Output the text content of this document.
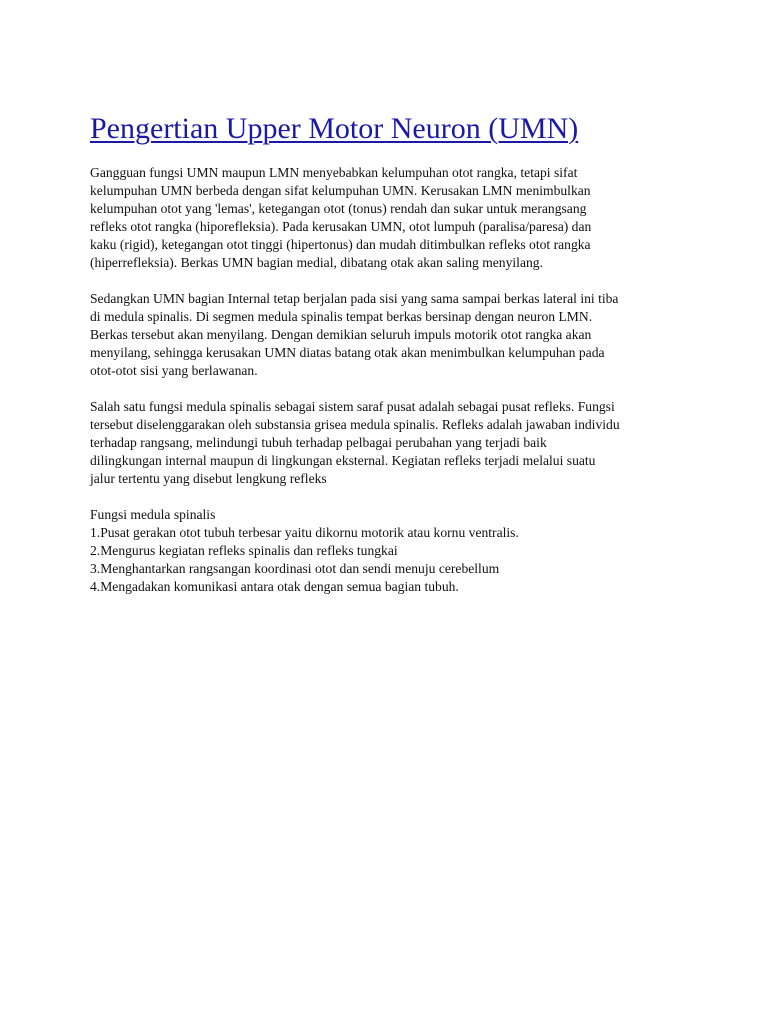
Pengertian Upper Motor Neuron (UMN)
Gangguan fungsi UMN maupun LMN menyebabkan kelumpuhan otot rangka, tetapi sifat
kelumpuhan UMN berbeda dengan sifat kelumpuhan UMN. Kerusakan LMN menimbulkan
kelumpuhan otot yang 'lemas', ketegangan otot (tonus) rendah dan sukar untuk merangsang
refleks otot rangka (hiporefleksia). Pada kerusakan UMN, otot lumpuh (paralisa/paresa) dan
kaku (rigid), ketegangan otot tinggi (hipertonus) dan mudah ditimbulkan refleks otot rangka
(hiperrefleksia). Berkas UMN bagian medial, dibatang otak akan saling menyilang.
Sedangkan UMN bagian Internal tetap berjalan pada sisi yang sama sampai berkas lateral ini tiba
di medula spinalis. Di segmen medula spinalis tempat berkas bersinap dengan neuron LMN.
Berkas tersebut akan menyilang. Dengan demikian seluruh impuls motorik otot rangka akan
menyilang, sehingga kerusakan UMN diatas batang otak akan menimbulkan kelumpuhan pada
otot-otot sisi yang berlawanan.
Salah satu fungsi medula spinalis sebagai sistem saraf pusat adalah sebagai pusat refleks. Fungsi
tersebut diselenggarakan oleh substansia grisea medula spinalis. Refleks adalah jawaban individu
terhadap rangsang, melindungi tubuh terhadap pelbagai perubahan yang terjadi baik
dilingkungan internal maupun di lingkungan eksternal. Kegiatan refleks terjadi melalui suatu
jalur tertentu yang disebut lengkung refleks
Fungsi medula spinalis
1.Pusat gerakan otot tubuh terbesar yaitu dikornu motorik atau kornu ventralis.
2.Mengurus kegiatan refleks spinalis dan refleks tungkai
3.Menghantarkan rangsangan koordinasi otot dan sendi menuju cerebellum
4.Mengadakan komunikasi antara otak dengan semua bagian tubuh.
